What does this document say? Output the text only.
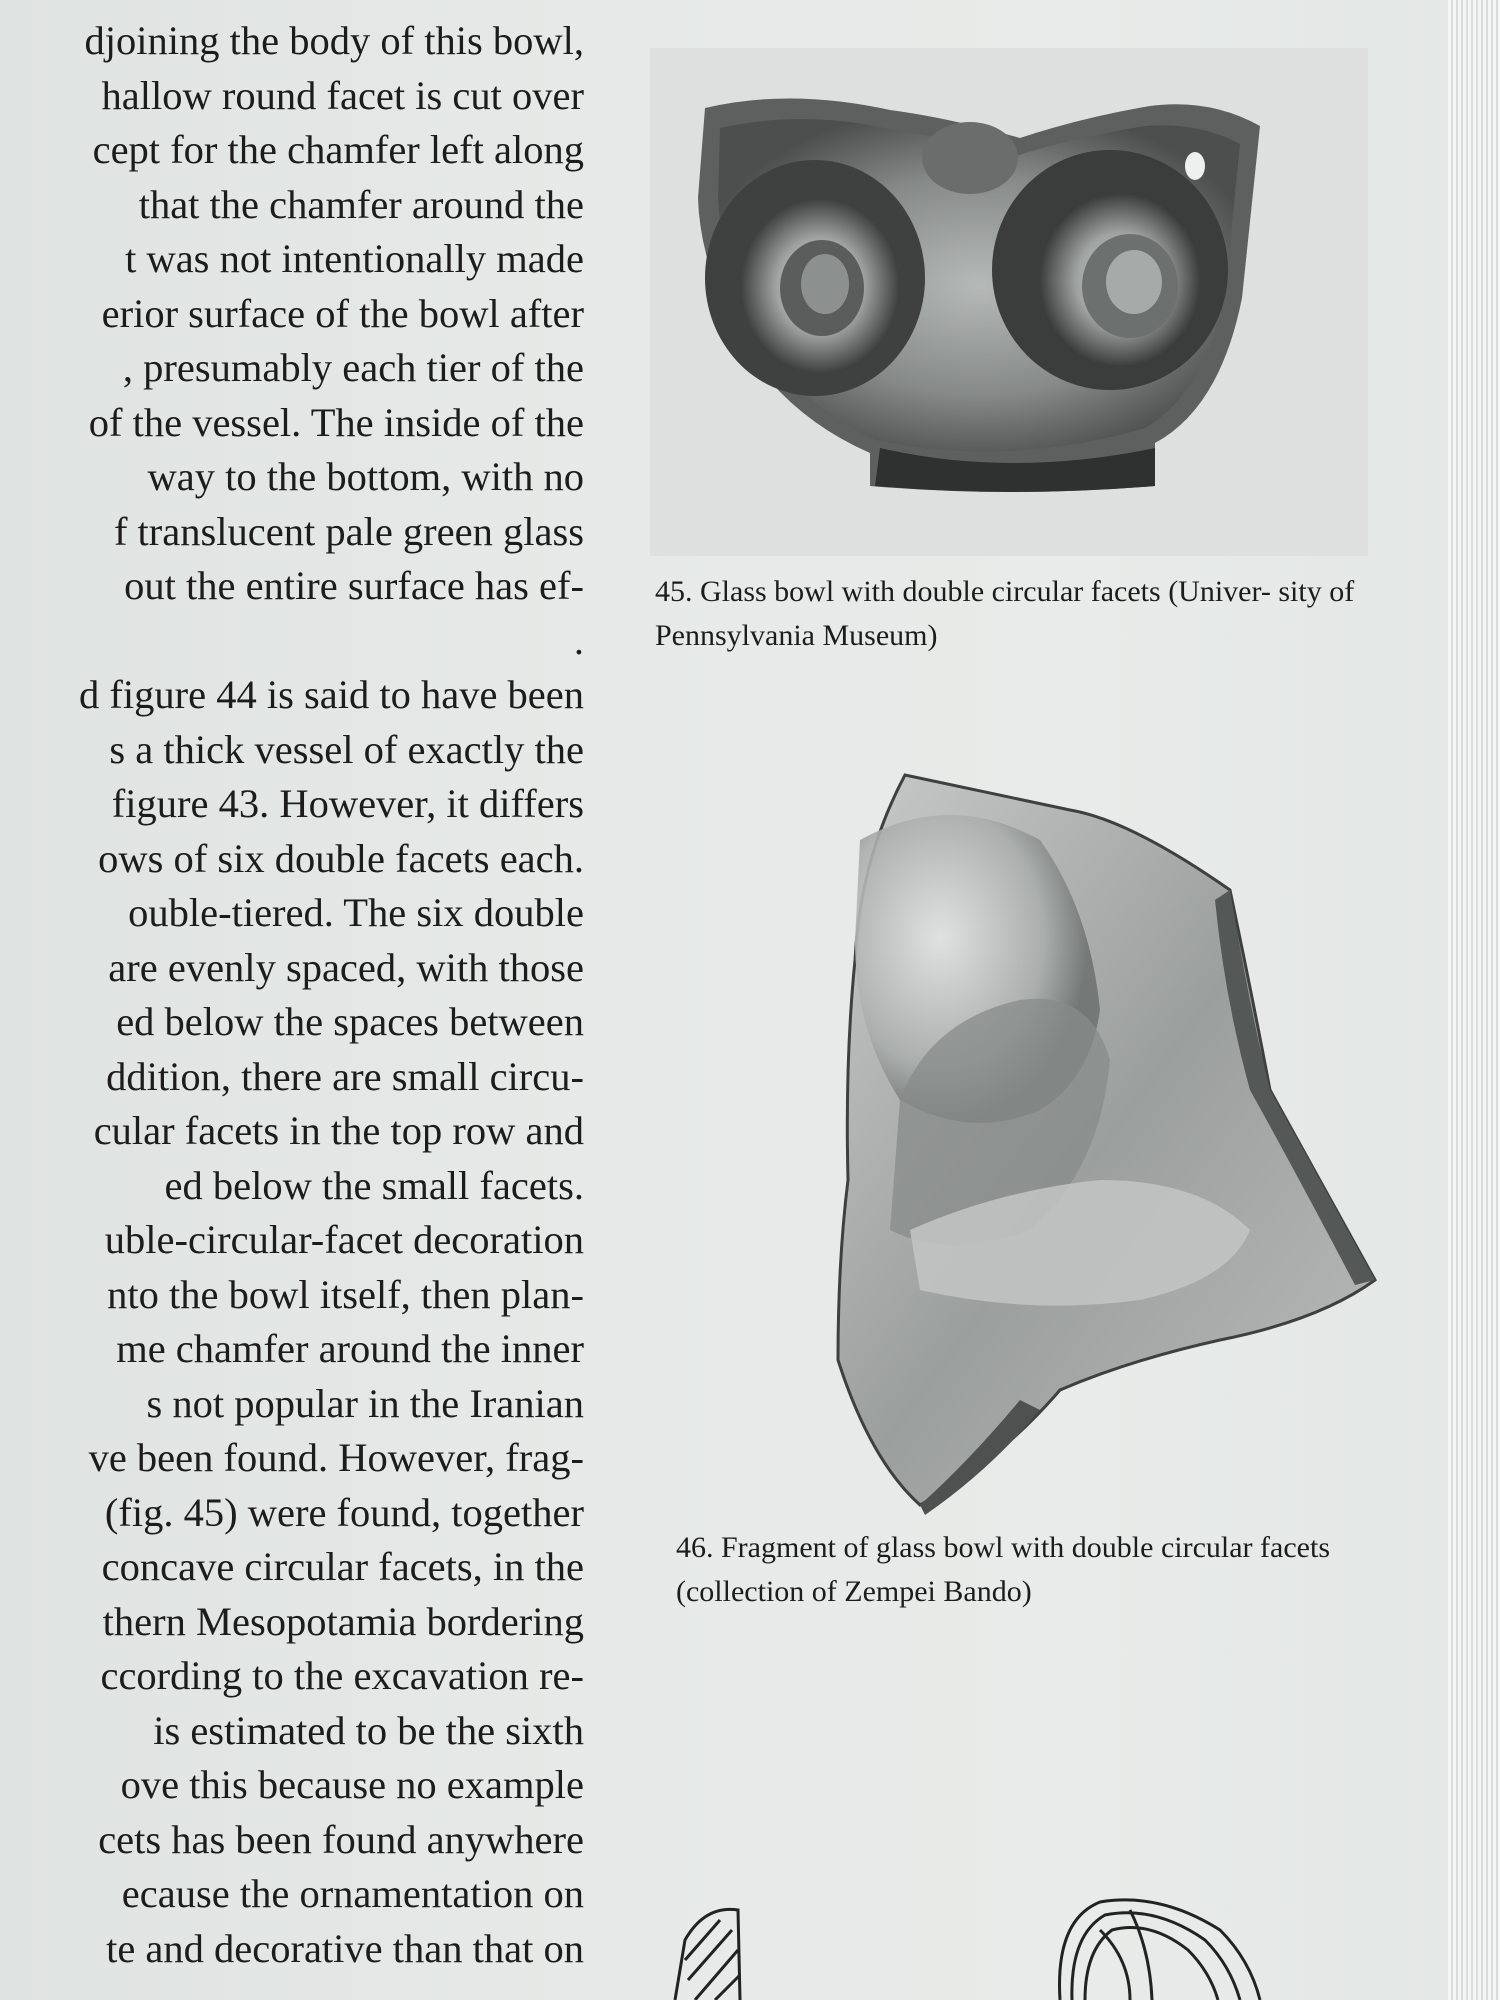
djoining the body of this bowl,
hallow round facet is cut over
cept for the chamfer left along
that the chamfer around the
t was not intentionally made
erior surface of the bowl after
, presumably each tier of the
of the vessel. The inside of the
way to the bottom, with no
f translucent pale green glass
out the entire surface has ef-
.
d figure 44 is said to have been
s a thick vessel of exactly the
figure 43. However, it differs
ows of six double facets each.
ouble-tiered. The six double
are evenly spaced, with those
ed below the spaces between
ddition, there are small circu-
cular facets in the top row and
ed below the small facets.
uble-circular-facet decoration
nto the bowl itself, then plan-
me chamfer around the inner
s not popular in the Iranian
ve been found. However, frag-
(fig. 45) were found, together
concave circular facets, in the
thern Mesopotamia bordering
ccording to the excavation re-
is estimated to be the sixth
ove this because no example
cets has been found anywhere
ecause the ornamentation on
te and decorative than that on
45. Glass bowl with double circular facets (Univer- sity of Pennsylvania Museum)
46. Fragment of glass bowl with double circular facets (collection of Zempei Bando)
